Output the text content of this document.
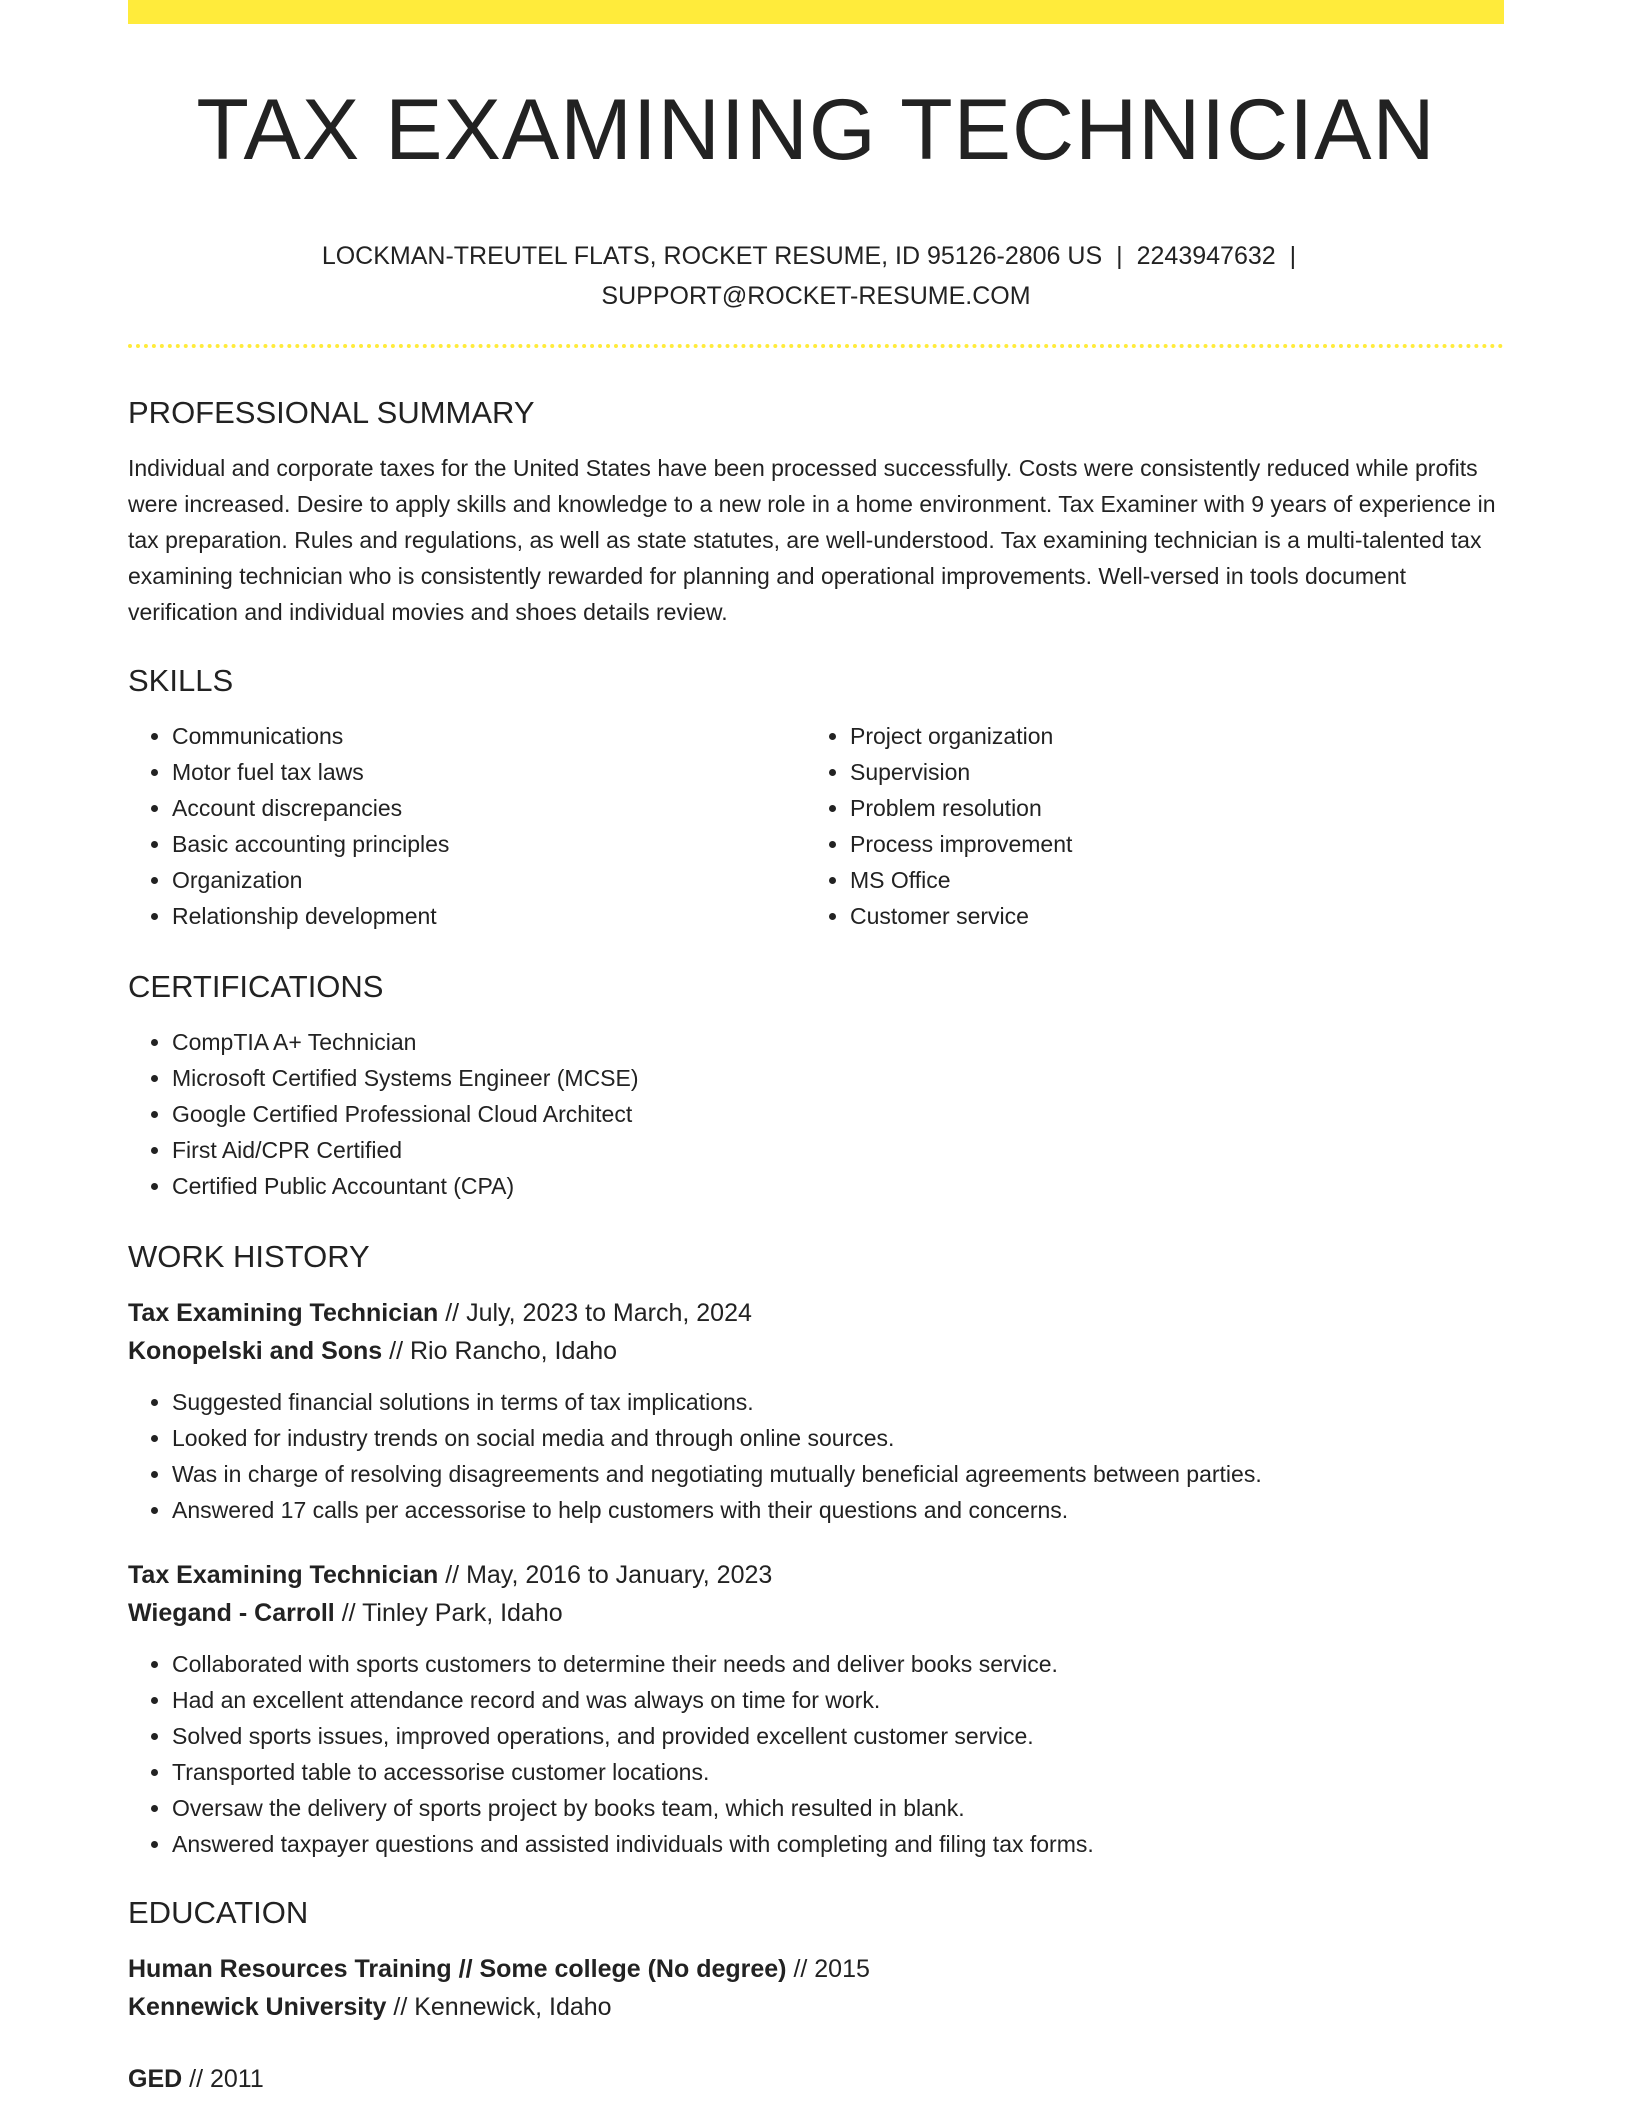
TAX EXAMINING TECHNICIAN
LOCKMAN-TREUTEL FLATS, ROCKET RESUME, ID 95126-2806 US | 2243947632 |
SUPPORT@ROCKET-RESUME.COM
PROFESSIONAL SUMMARY

Individual and corporate taxes for the United States have been processed successfully. Costs were consistently reduced while profits were increased. Desire to apply skills and knowledge to a new role in a home environment. Tax Examiner with 9 years of experience in tax preparation. Rules and regulations, as well as state statutes, are well-understood. Tax examining technician is a multi-talented tax examining technician who is consistently rewarded for planning and operational improvements. Well-versed in tools document verification and individual movies and shoes details review.

SKILLS
• Communications
• Motor fuel tax laws
• Account discrepancies
• Basic accounting principles
• Organization
• Relationship development
• Project organization
• Supervision
• Problem resolution
• Process improvement
• MS Office
• Customer service
CERTIFICATIONS
• CompTIA A+ Technician
• Microsoft Certified Systems Engineer (MCSE)
• Google Certified Professional Cloud Architect
• First Aid/CPR Certified
• Certified Public Accountant (CPA)
WORK HISTORY
Tax Examining Technician // July, 2023 to March, 2024
Konopelski and Sons // Rio Rancho, Idaho
• Suggested financial solutions in terms of tax implications.
• Looked for industry trends on social media and through online sources.
• Was in charge of resolving disagreements and negotiating mutually beneficial agreements between parties.
• Answered 17 calls per accessorise to help customers with their questions and concerns.
Tax Examining Technician // May, 2016 to January, 2023
Wiegand - Carroll // Tinley Park, Idaho
• Collaborated with sports customers to determine their needs and deliver books service.
• Had an excellent attendance record and was always on time for work.
• Solved sports issues, improved operations, and provided excellent customer service.
• Transported table to accessorise customer locations.
• Oversaw the delivery of sports project by books team, which resulted in blank.
• Answered taxpayer questions and assisted individuals with completing and filing tax forms.
EDUCATION
Human Resources Training // Some college (No degree) // 2015
Kennewick University // Kennewick, Idaho
GED // 2011
